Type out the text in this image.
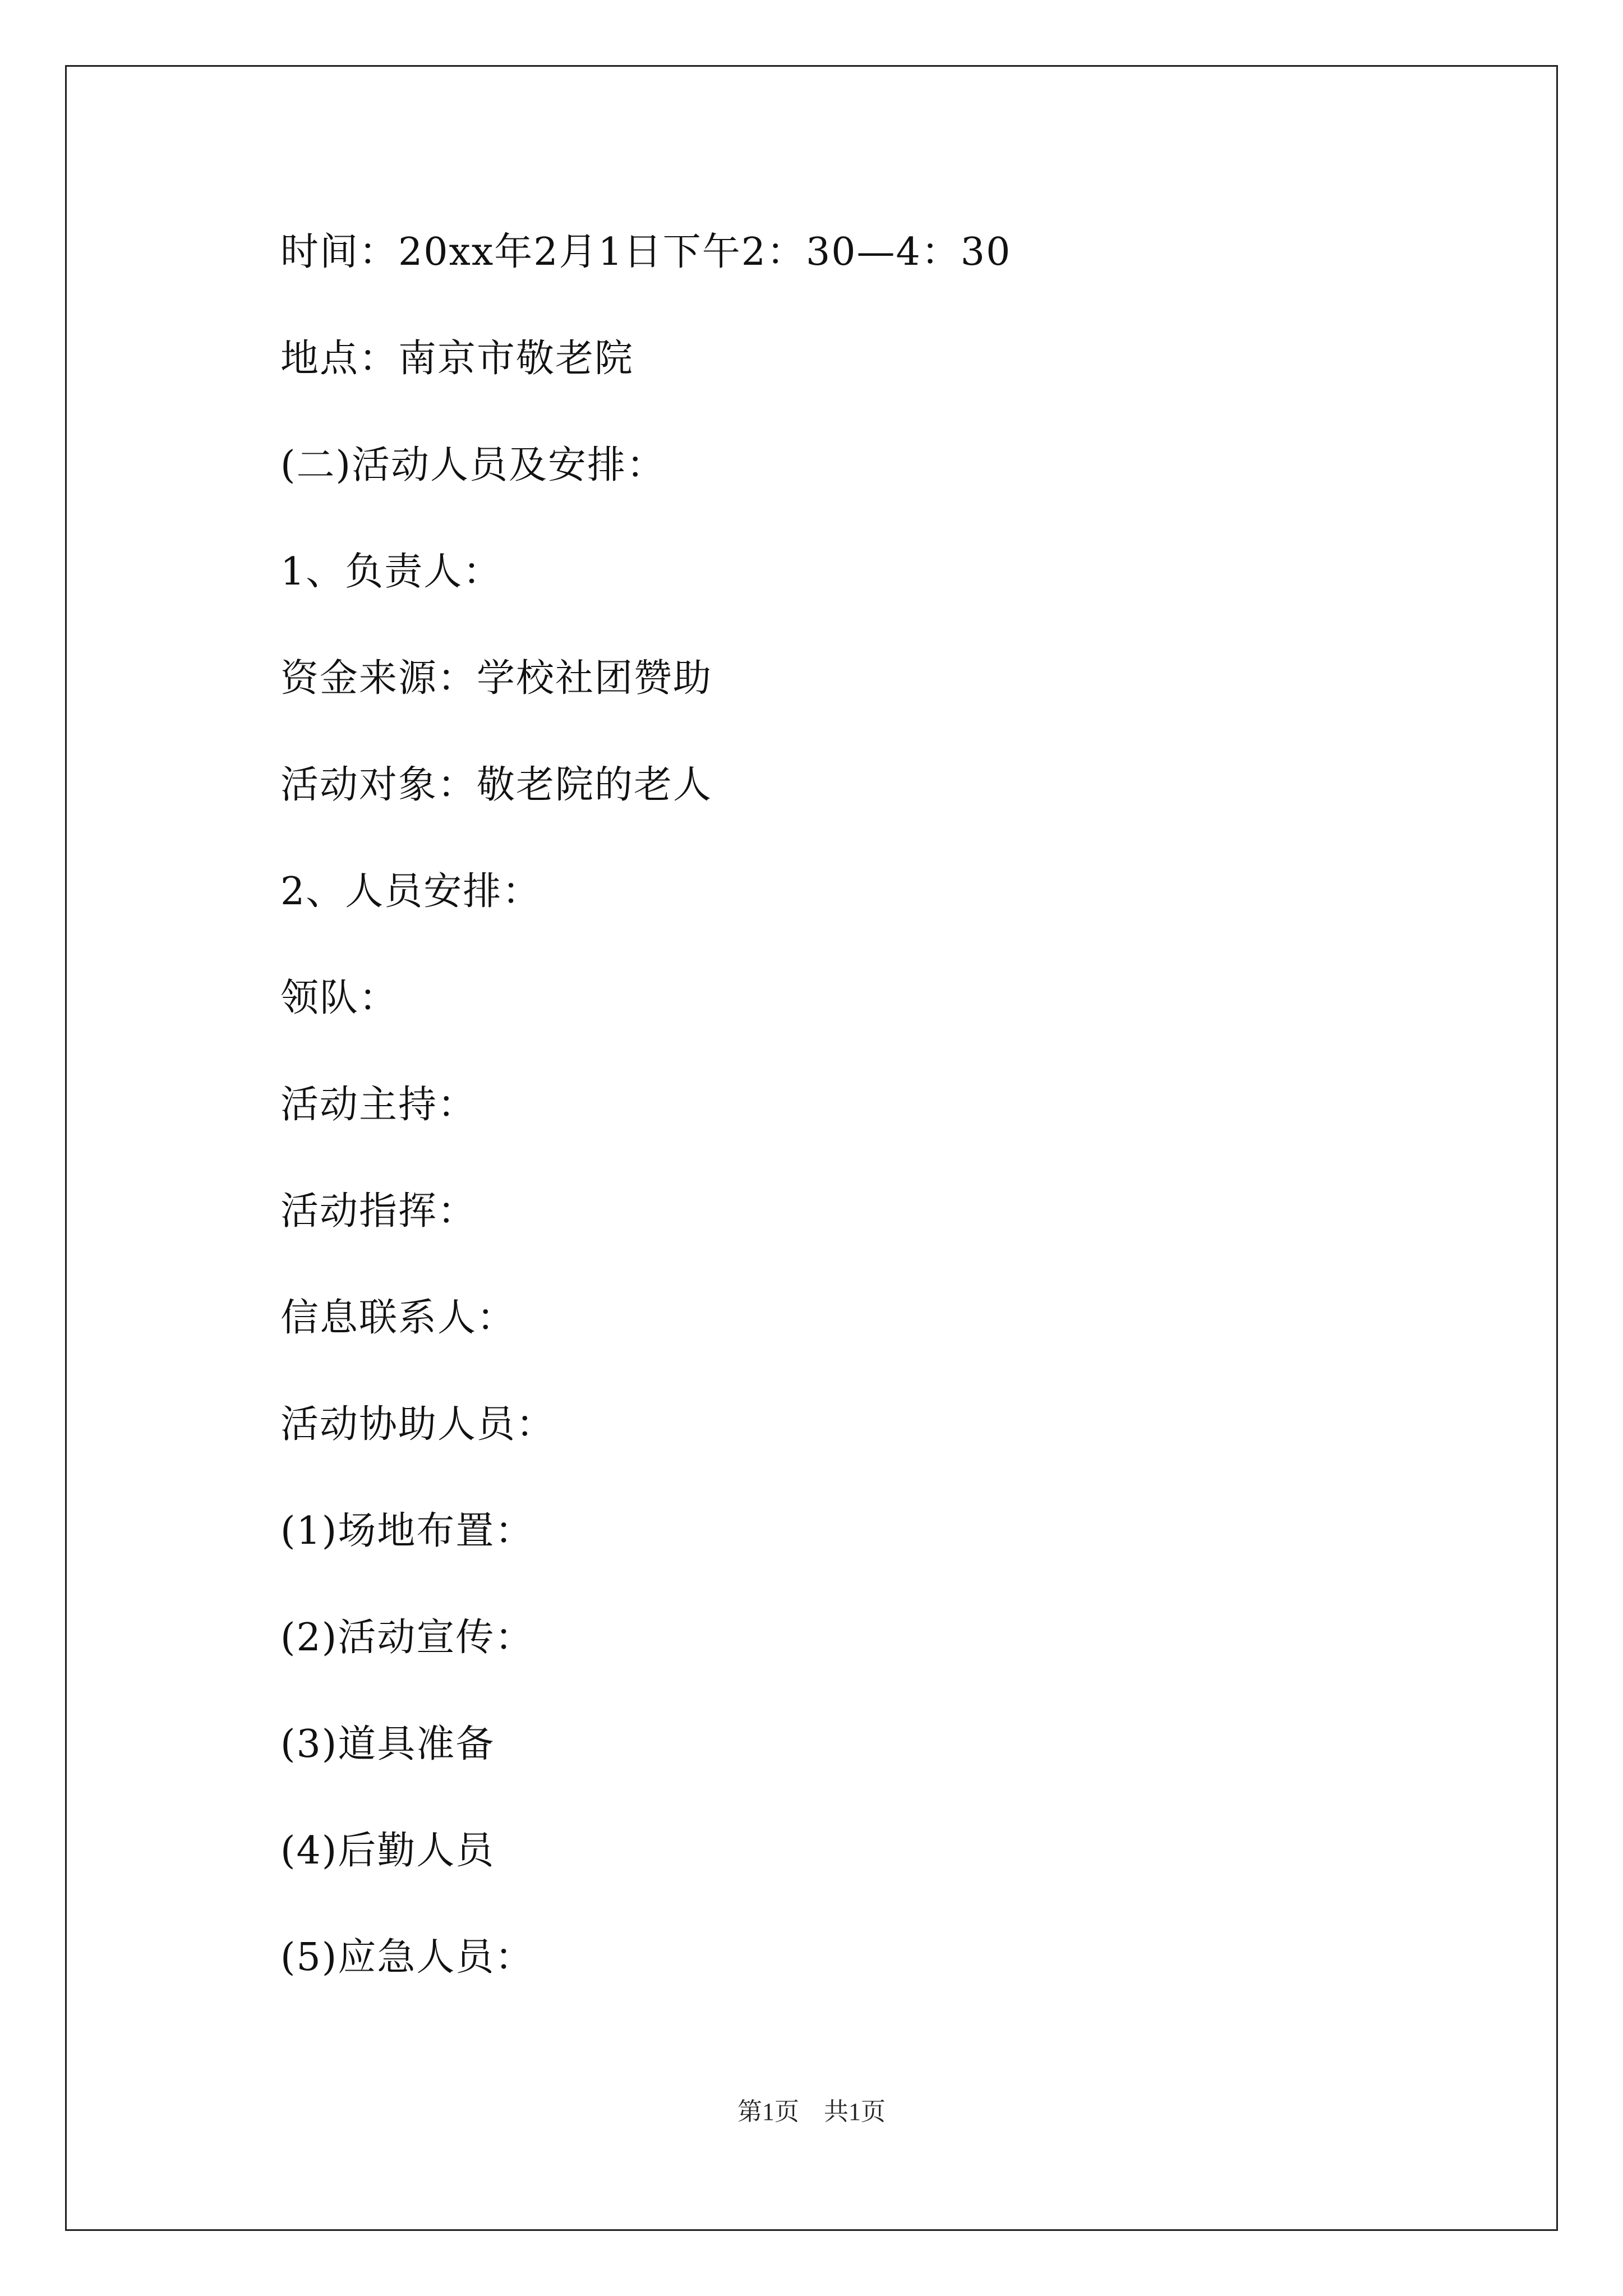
时间：20xx年2月1日下午2：30—4：30
地点：南京市敬老院
(二)活动人员及安排：
1、负责人：
资金来源：学校社团赞助
活动对象：敬老院的老人
2、人员安排：
领队：
活动主持：
活动指挥：
信息联系人：
活动协助人员：
(1)场地布置：
(2)活动宣传：
(3)道具准备
(4)后勤人员
(5)应急人员：
第1页　共1页
